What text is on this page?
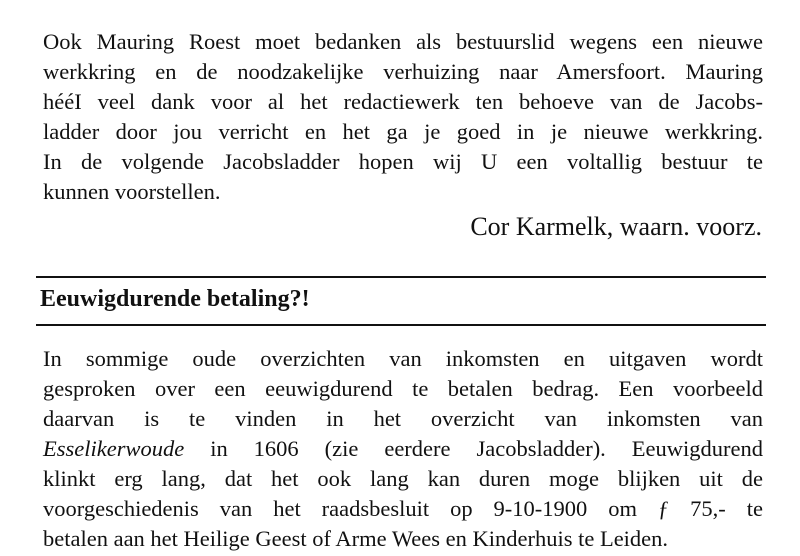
Ook Mauring Roest moet bedanken als bestuurslid wegens een nieuwe
werkkring en de noodzakelijke verhuizing naar Amersfoort. Mauring
hééI veel dank voor al het redactiewerk ten behoeve van de Jacobs-
ladder door jou verricht en het ga je goed in je nieuwe werkkring.
In de volgende Jacobsladder hopen wij U een voltallig bestuur te
kunnen voorstellen.
Cor Karmelk, waarn. voorz.
Eeuwigdurende betaling?!
In sommige oude overzichten van inkomsten en uitgaven wordt
gesproken over een eeuwigdurend te betalen bedrag. Een voorbeeld
daarvan is te vinden in het overzicht van inkomsten van
Esselikerwoude in 1606 (zie eerdere Jacobsladder). Eeuwigdurend
klinkt erg lang, dat het ook lang kan duren moge blijken uit de
voorgeschiedenis van het raadsbesluit op 9-10-1900 om ƒ 75,- te
betalen aan het Heilige Geest of Arme Wees en Kinderhuis te Leiden.
